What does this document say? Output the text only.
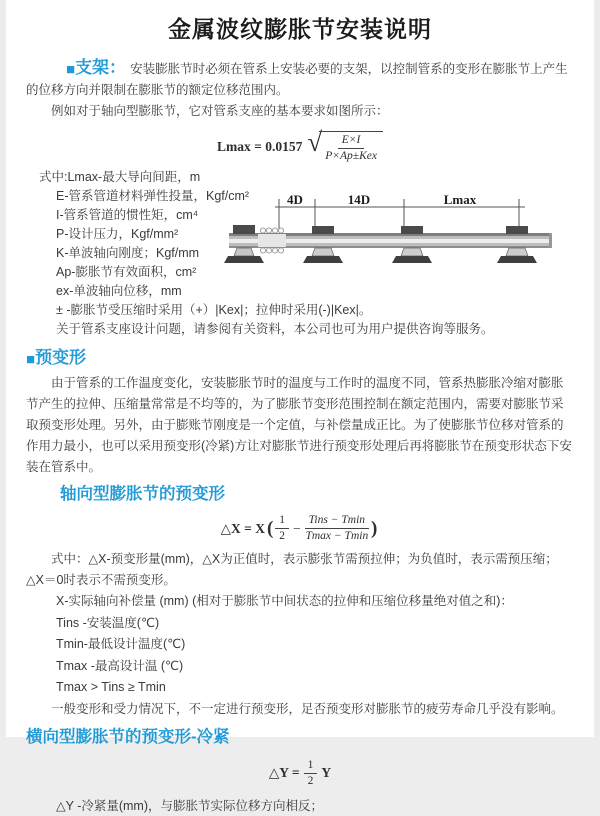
金属波纹膨胀节安装说明

■支架： 安装膨胀节时必须在管系上安装必要的支架，以控制管系的变形在膨胀节上产生的位移方向并限制在膨胀节的额定位移范围内。

例如对于轴向型膨胀节，它对管系支座的基本要求如图所示：

Lmax = 0.0157 √	E×I
P×Ap±Kex

式中:Lmax-最大导向间距，m

E-管系管道材料弹性投量，Kgf/cm²

I-管系管道的惯性矩，cm⁴

P-设计压力，Kgf/mm²

K-单波轴向刚度；Kgf/mm

Ap-膨胀节有效面积，cm²

ex-单波轴向位移，mm

± -膨胀节受压缩时采用（+）|Kex|；拉伸时采用(-)|Kex|。

关于管系支座设计问题，请参阅有关资料，本公司也可为用户提供咨询等服务。

4D	14D	Lmax

■预变形

由于管系的工作温度变化，安装膨胀节时的温度与工作时的温度不同，管系热膨胀冷缩对膨胀节产生的拉伸、压缩量常常是不均等的，为了膨胀节变形范围控制在额定范围内，需要对膨胀节采取预变形处理。另外，由于膨账节刚度是一个定值，与补偿量成正比。为了使膨胀节位移对管系的作用力最小，也可以采用预变形(冷紧)方让对膨胀节进行预变形处理后再将膨胀节在预变形状态下安装在管系中。

轴向型膨胀节的预变形
△X = X ( $\frac{1}{2} - \frac{\text{Tins − Tmin}}{Tmax - Tmin}$ )

式中：△X-预变形量(mm)，△X为正值时，表示膨张节需预拉伸；为负值时，表示需预压缩；△X＝0时表示不需预变形。

X-实际轴向补偿量 (mm) (相对于膨胀节中间状态的拉伸和压缩位移量绝对值之和)：

Tins -安装温度(℃)

Tmin-最低设计温度(℃)

Tmax -最高设计温 (℃)

Tmax > Tins ≥ Tmin

一般变形和受力情况下，不一定进行预变形，足否预变形对膨胀节的疲劳寿命几乎没有影响。

横向型膨胀节的预变形-冷紧
△Y = $\frac{1}{2}$ Y

△Y -冷紧量(mm)，与膨胀节实际位移方向相反；
